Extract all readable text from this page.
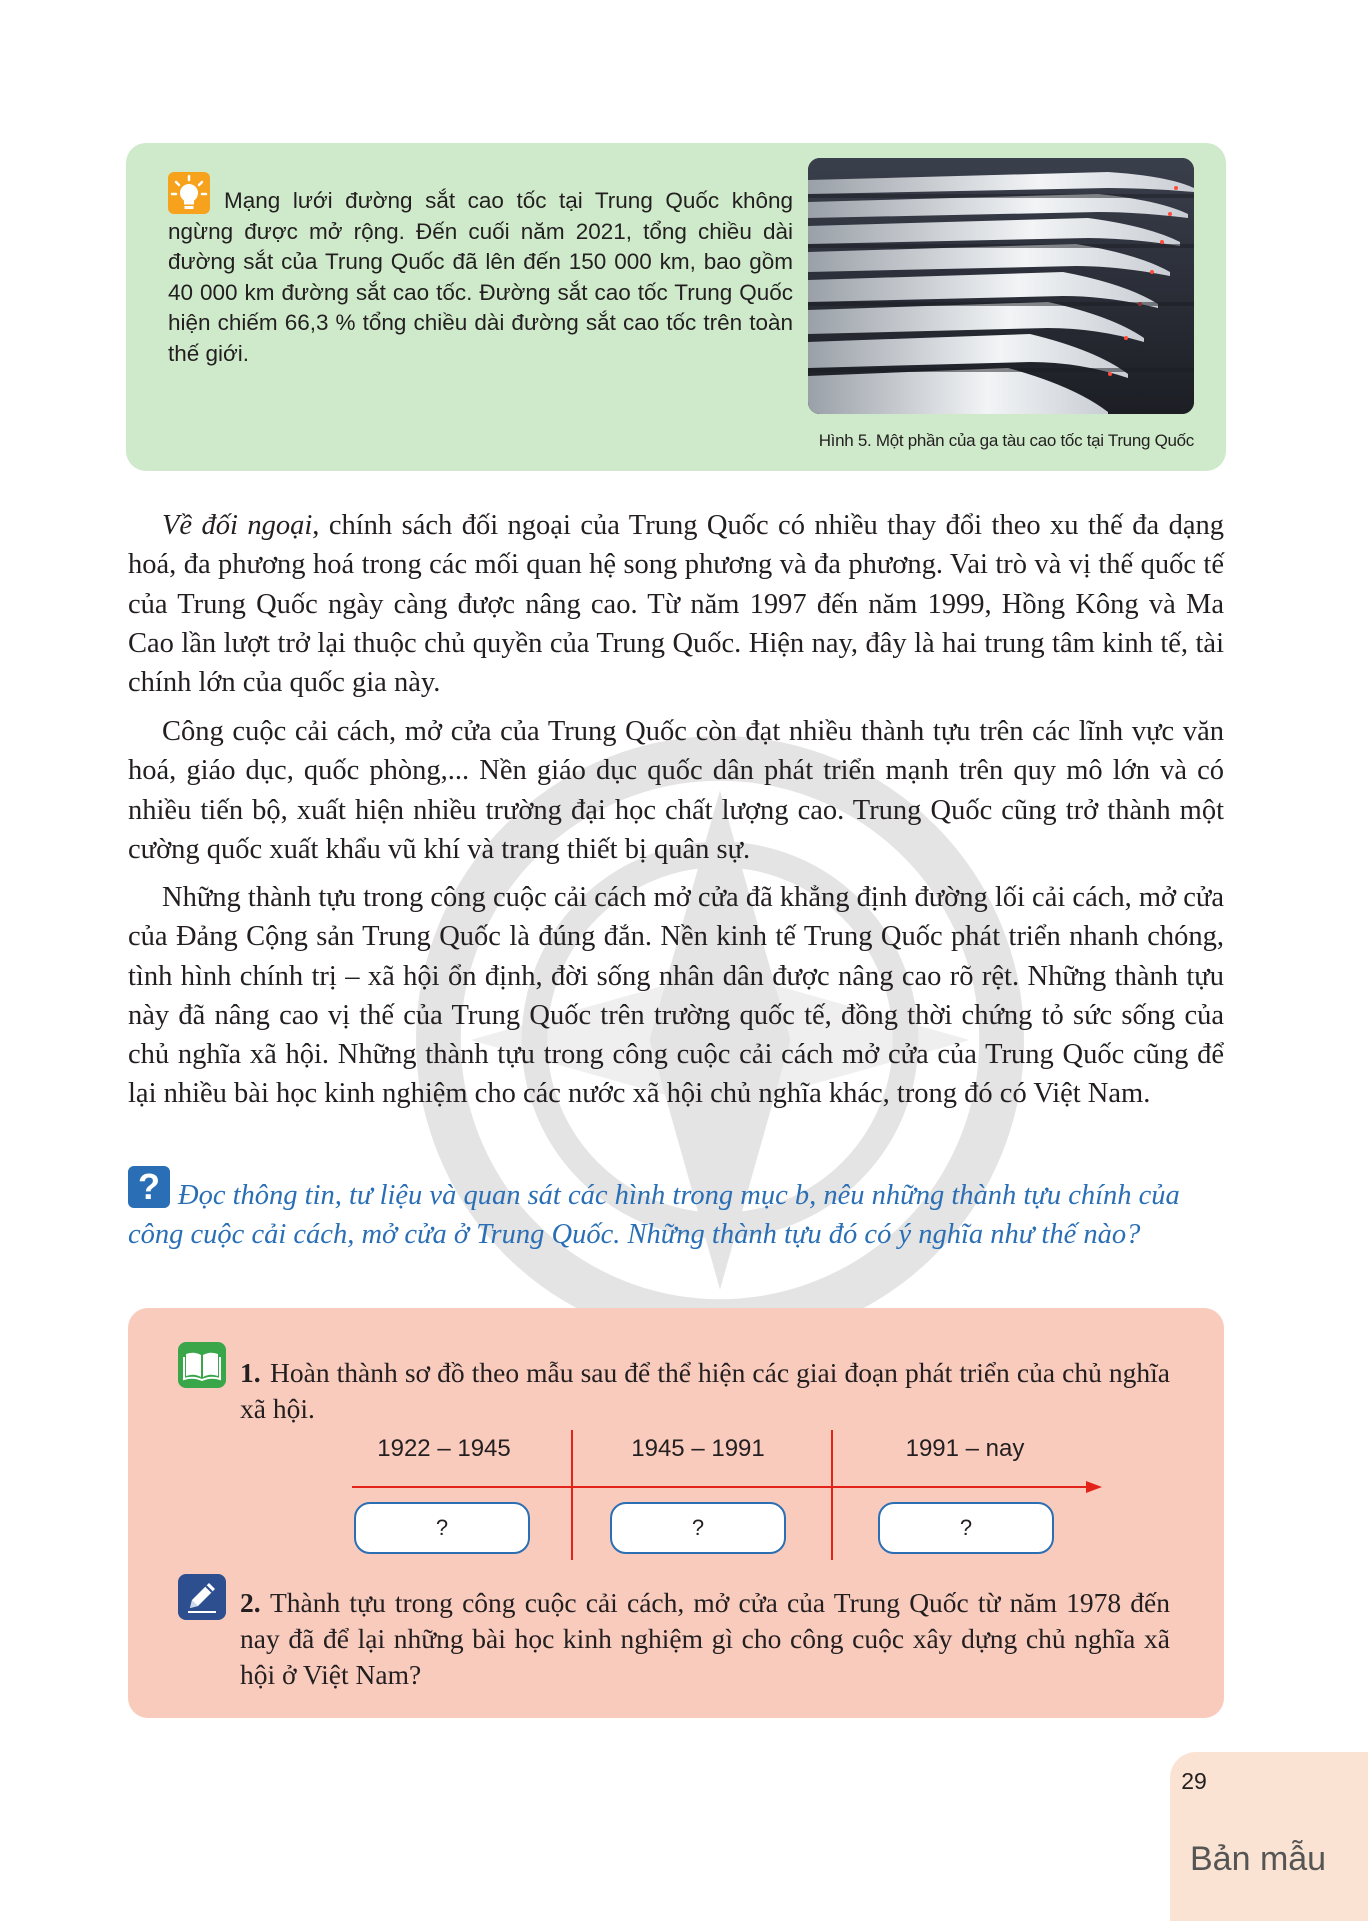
Mạng lưới đường sắt cao tốc tại Trung Quốc không ngừng được mở rộng. Đến cuối năm 2021, tổng chiều dài đường sắt của Trung Quốc đã lên đến 150 000 km, bao gồm 40 000 km đường sắt cao tốc. Đường sắt cao tốc Trung Quốc hiện chiếm 66,3 % tổng chiều dài đường sắt cao tốc trên toàn thế giới.
Hình 5. Một phần của ga tàu cao tốc tại Trung Quốc
Về đối ngoại, chính sách đối ngoại của Trung Quốc có nhiều thay đổi theo xu thế đa dạng hoá, đa phương hoá trong các mối quan hệ song phương và đa phương. Vai trò và vị thế quốc tế của Trung Quốc ngày càng được nâng cao. Từ năm 1997 đến năm 1999, Hồng Kông và Ma Cao lần lượt trở lại thuộc chủ quyền của Trung Quốc. Hiện nay, đây là hai trung tâm kinh tế, tài chính lớn của quốc gia này.
Công cuộc cải cách, mở cửa của Trung Quốc còn đạt nhiều thành tựu trên các lĩnh vực văn hoá, giáo dục, quốc phòng,... Nền giáo dục quốc dân phát triển mạnh trên quy mô lớn và có nhiều tiến bộ, xuất hiện nhiều trường đại học chất lượng cao. Trung Quốc cũng trở thành một cường quốc xuất khẩu vũ khí và trang thiết bị quân sự.
Những thành tựu trong công cuộc cải cách mở cửa đã khẳng định đường lối cải cách, mở cửa của Đảng Cộng sản Trung Quốc là đúng đắn. Nền kinh tế Trung Quốc phát triển nhanh chóng, tình hình chính trị – xã hội ổn định, đời sống nhân dân được nâng cao rõ rệt. Những thành tựu này đã nâng cao vị thế của Trung Quốc trên trường quốc tế, đồng thời chứng tỏ sức sống của chủ nghĩa xã hội. Những thành tựu trong công cuộc cải cách mở cửa của Trung Quốc cũng để lại nhiều bài học kinh nghiệm cho các nước xã hội chủ nghĩa khác, trong đó có Việt Nam.
? Đọc thông tin, tư liệu và quan sát các hình trong mục b, nêu những thành tựu chính của công cuộc cải cách, mở cửa ở Trung Quốc. Những thành tựu đó có ý nghĩa như thế nào?
1. Hoàn thành sơ đồ theo mẫu sau để thể hiện các giai đoạn phát triển của chủ nghĩa xã hội.
1922 – 1945	1945 – 1991	1991 – nay
?	?	?
2. Thành tựu trong công cuộc cải cách, mở cửa của Trung Quốc từ năm 1978 đến nay đã để lại những bài học kinh nghiệm gì cho công cuộc xây dựng chủ nghĩa xã hội ở Việt Nam?
29
Bản mẫu
